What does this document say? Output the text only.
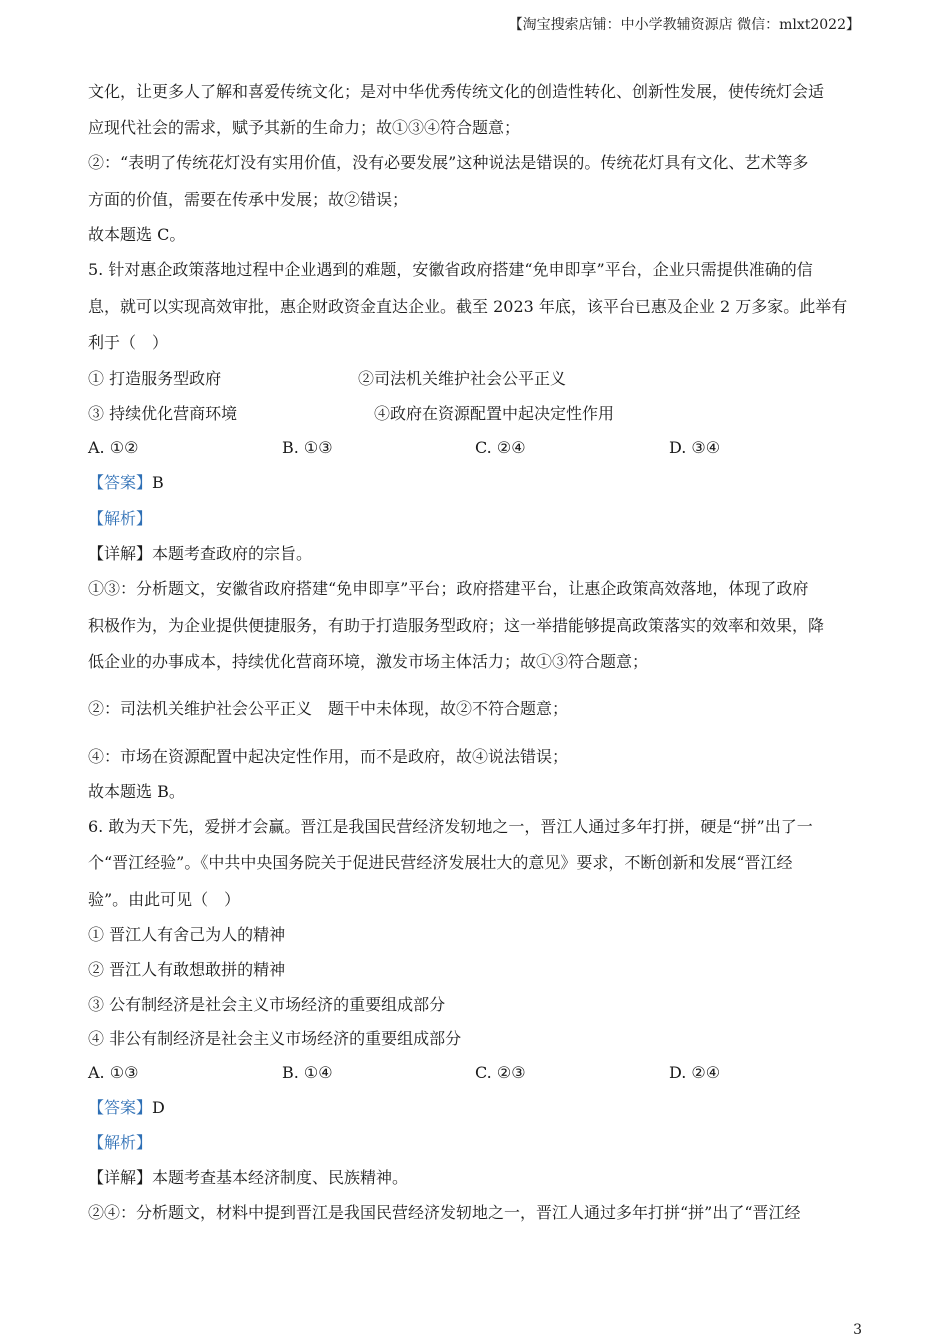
【淘宝搜索店铺：中小学教辅资源店 微信：mlxt2022】
文化，让更多人了解和喜爱传统文化；是对中华优秀传统文化的创造性转化、创新性发展，使传统灯会适
应现代社会的需求，赋予其新的生命力；故①③④符合题意；
②：“表明了传统花灯没有实用价值，没有必要发展”这种说法是错误的。传统花灯具有文化、艺术等多
方面的价值，需要在传承中发展；故②错误；
故本题选 C。
5. 针对惠企政策落地过程中企业遇到的难题，安徽省政府搭建“免申即享”平台，企业只需提供准确的信
息，就可以实现高效审批，惠企财政资金直达企业。截至 2023 年底，该平台已惠及企业 2 万多家。此举有
利于（　）
① 打造服务型政府	②司法机关维护社会公平正义
③ 持续优化营商环境	④政府在资源配置中起决定性作用
A. ①②	B. ①③	C. ②④	D. ③④
【答案】B
【解析】
【详解】本题考查政府的宗旨。
①③：分析题文，安徽省政府搭建“免申即享”平台；政府搭建平台，让惠企政策高效落地，体现了政府
积极作为，为企业提供便捷服务，有助于打造服务型政府；这一举措能够提高政策落实的效率和效果，降
低企业的办事成本，持续优化营商环境，激发市场主体活力；故①③符合题意；
②：司法机关维护社会公平正义　题干中未体现，故②不符合题意；
④：市场在资源配置中起决定性作用，而不是政府，故④说法错误；
故本题选 B。
6. 敢为天下先，爱拼才会赢。晋江是我国民营经济发轫地之一，晋江人通过多年打拼，硬是“拼”出了一
个“晋江经验”。《中共中央国务院关于促进民营经济发展壮大的意见》要求，不断创新和发展“晋江经
验”。由此可见（　）
① 晋江人有舍己为人的精神
② 晋江人有敢想敢拼的精神
③ 公有制经济是社会主义市场经济的重要组成部分
④ 非公有制经济是社会主义市场经济的重要组成部分
A. ①③	B. ①④	C. ②③	D. ②④
【答案】D
【解析】
【详解】本题考查基本经济制度、民族精神。
②④：分析题文，材料中提到晋江是我国民营经济发轫地之一，晋江人通过多年打拼“拼”出了“晋江经
3
